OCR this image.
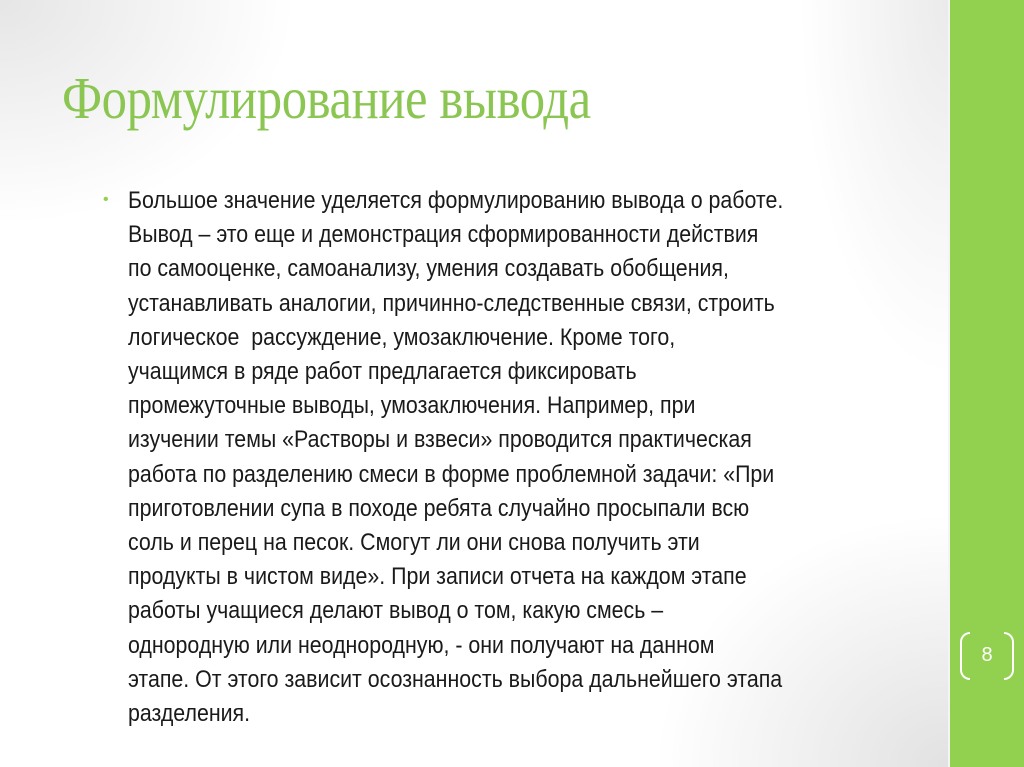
Формулирование вывода
• Большое значение уделяется формулированию вывода о работе.
Вывод – это еще и демонстрация сформированности действия
по самооценке, самоанализу, умения создавать обобщения,
устанавливать аналогии, причинно-следственные связи, строить
логическое  рассуждение, умозаключение. Кроме того,
учащимся в ряде работ предлагается фиксировать
промежуточные выводы, умозаключения. Например, при
изучении темы «Растворы и взвеси» проводится практическая
работа по разделению смеси в форме проблемной задачи: «При
приготовлении супа в походе ребята случайно просыпали всю
соль и перец на песок. Смогут ли они снова получить эти
продукты в чистом виде». При записи отчета на каждом этапе
работы учащиеся делают вывод о том, какую смесь –
однородную или неоднородную, - они получают на данном
этапе. От этого зависит осознанность выбора дальнейшего этапа
разделения.

8
